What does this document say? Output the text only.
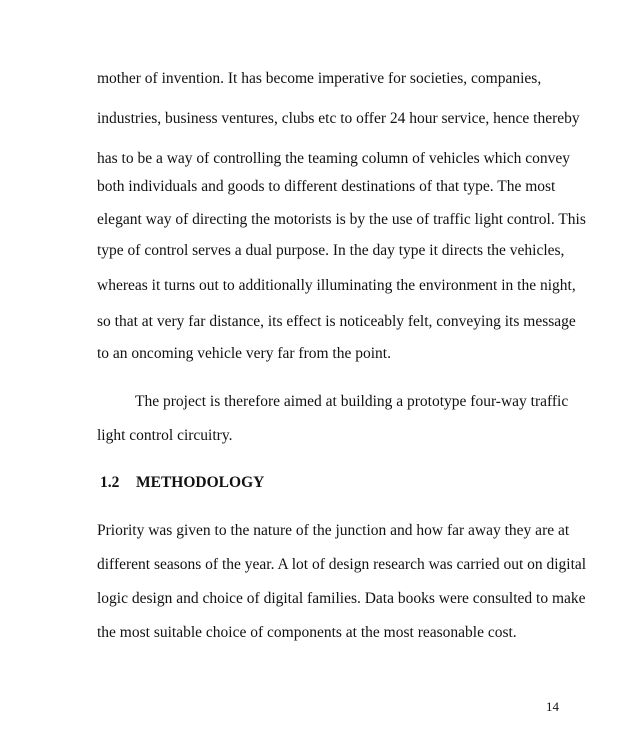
mother of invention. It has become imperative for societies, companies,
industries, business ventures, clubs etc to offer 24 hour service, hence thereby
has to be a way of controlling the teaming column of vehicles which convey
both individuals and goods to different destinations of that type. The most
elegant way of directing the motorists is by the use of traffic light control. This
type of control serves a dual purpose. In the day type it directs the vehicles,
whereas it turns out to additionally illuminating the environment in the night,
so that at very far distance, its effect is noticeably felt, conveying its message
to an oncoming vehicle very far from the point.
The project is therefore aimed at building a prototype four-way traffic
light control circuitry.
1.2 METHODOLOGY
Priority was given to the nature of the junction and how far away they are at
different seasons of the year. A lot of design research was carried out on digital
logic design and choice of digital families. Data books were consulted to make
the most suitable choice of components at the most reasonable cost.
14
